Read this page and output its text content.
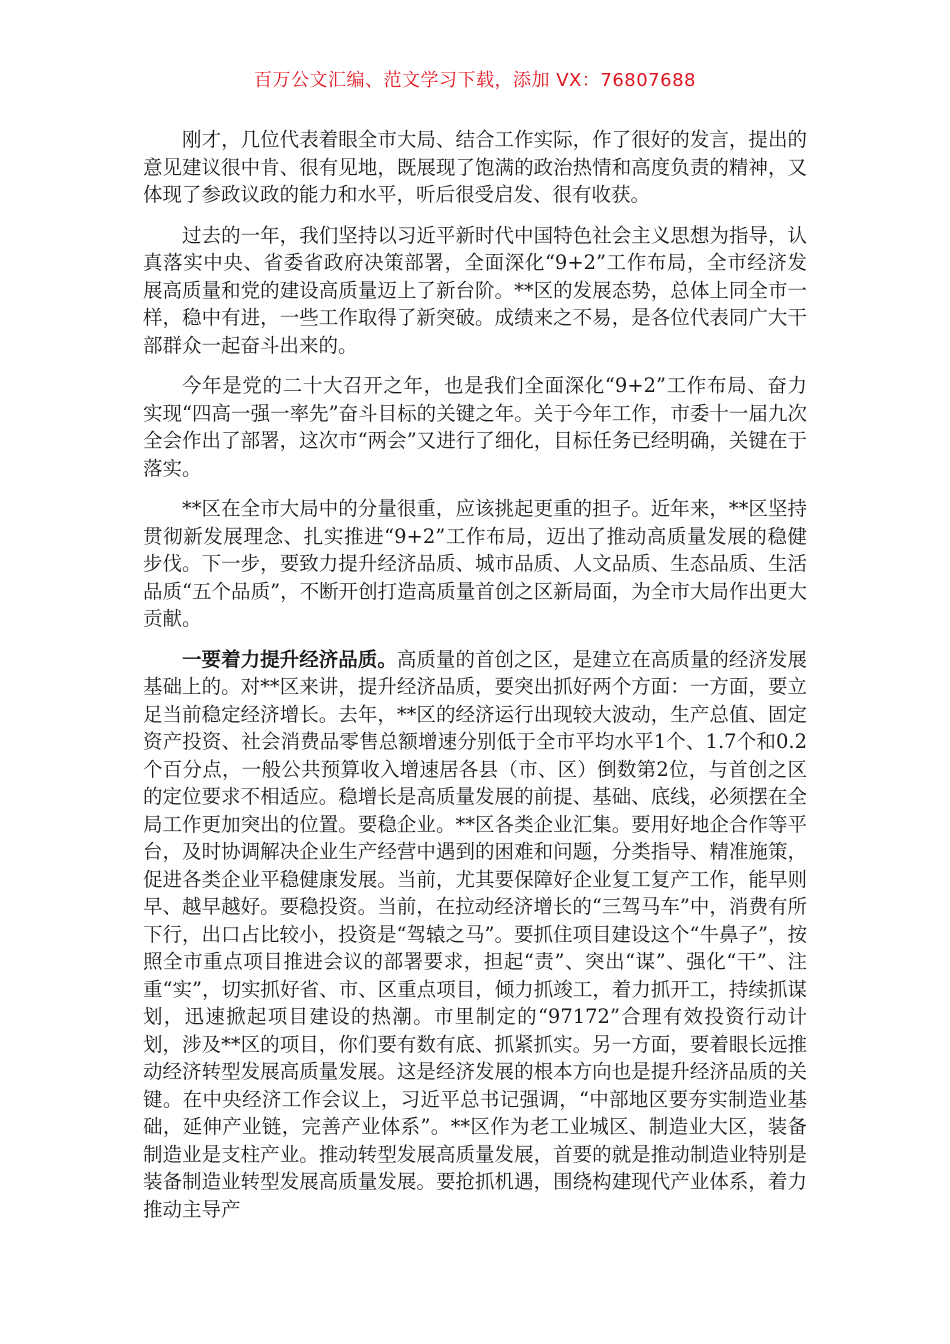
百万公文汇编、范文学习下载，添加 VX：76807688

刚才，几位代表着眼全市大局、结合工作实际，作了很好的发言，提出的意见建议很中肯、很有见地，既展现了饱满的政治热情和高度负责的精神，又体现了参政议政的能力和水平，听后很受启发、很有收获。

过去的一年，我们坚持以习近平新时代中国特色社会主义思想为指导，认真落实中央、省委省政府决策部署，全面深化“9+2”工作布局，全市经济发展高质量和党的建设高质量迈上了新台阶。**区的发展态势，总体上同全市一样，稳中有进，一些工作取得了新突破。成绩来之不易，是各位代表同广大干部群众一起奋斗出来的。

今年是党的二十大召开之年，也是我们全面深化“9+2”工作布局、奋力实现“四高一强一率先”奋斗目标的关键之年。关于今年工作，市委十一届九次全会作出了部署，这次市“两会”又进行了细化，目标任务已经明确，关键在于落实。

**区在全市大局中的分量很重，应该挑起更重的担子。近年来，**区坚持贯彻新发展理念、扎实推进“9+2”工作布局，迈出了推动高质量发展的稳健步伐。下一步，要致力提升经济品质、城市品质、人文品质、生态品质、生活品质“五个品质”，不断开创打造高质量首创之区新局面，为全市大局作出更大贡献。

一要着力提升经济品质。高质量的首创之区，是建立在高质量的经济发展基础上的。对**区来讲，提升经济品质，要突出抓好两个方面：一方面，要立足当前稳定经济增长。去年，**区的经济运行出现较大波动，生产总值、固定资产投资、社会消费品零售总额增速分别低于全市平均水平1个、1.7个和0.2个百分点，一般公共预算收入增速居各县（市、区）倒数第2位，与首创之区的定位要求不相适应。稳增长是高质量发展的前提、基础、底线，必须摆在全局工作更加突出的位置。要稳企业。**区各类企业汇集。要用好地企合作等平台，及时协调解决企业生产经营中遇到的困难和问题，分类指导、精准施策，促进各类企业平稳健康发展。当前，尤其要保障好企业复工复产工作，能早则早、越早越好。要稳投资。当前，在拉动经济增长的“三驾马车”中，消费有所下行，出口占比较小，投资是“驾辕之马”。要抓住项目建设这个“牛鼻子”，按照全市重点项目推进会议的部署要求，担起“责”、突出“谋”、强化“干”、注重“实”，切实抓好省、市、区重点项目，倾力抓竣工，着力抓开工，持续抓谋划，迅速掀起项目建设的热潮。市里制定的“97172”合理有效投资行动计划，涉及**区的项目，你们要有数有底、抓紧抓实。另一方面，要着眼长远推动经济转型发展高质量发展。这是经济发展的根本方向也是提升经济品质的关键。在中央经济工作会议上，习近平总书记强调，“中部地区要夯实制造业基础，延伸产业链，完善产业体系”。**区作为老工业城区、制造业大区，装备制造业是支柱产业。推动转型发展高质量发展，首要的就是推动制造业特别是装备制造业转型发展高质量发展。要抢抓机遇，围绕构建现代产业体系，着力推动主导产
